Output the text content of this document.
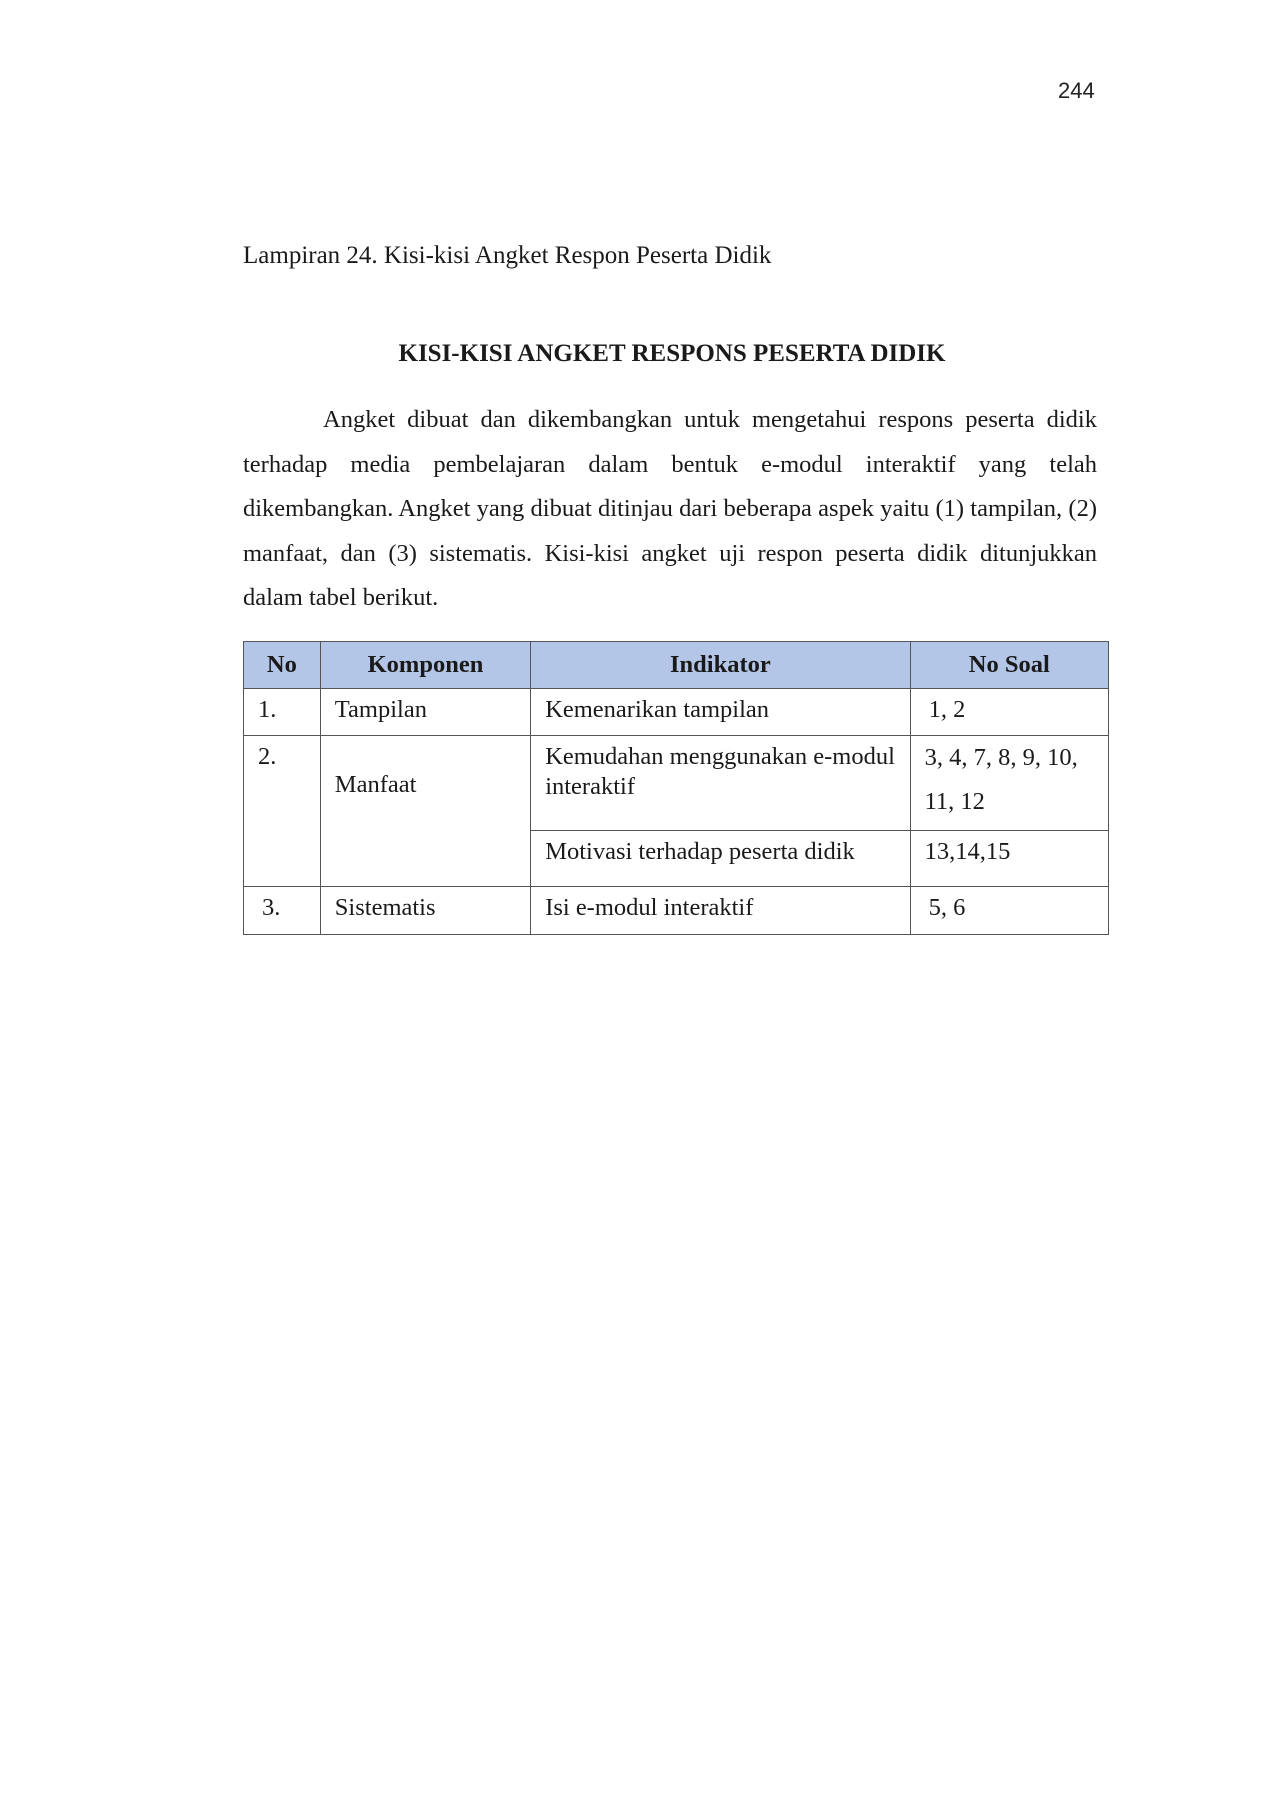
244
Lampiran 24. Kisi-kisi Angket Respon Peserta Didik
KISI-KISI ANGKET RESPONS PESERTA DIDIK

Angket dibuat dan dikembangkan untuk mengetahui respons peserta didik terhadap media pembelajaran dalam bentuk e-modul interaktif yang telah dikembangkan. Angket yang dibuat ditinjau dari beberapa aspek yaitu (1) tampilan, (2) manfaat, dan (3) sistematis. Kisi-kisi angket uji respon peserta didik ditunjukkan dalam tabel berikut.

No	Komponen	Indikator	No Soal
1.	Tampilan	Kemenarikan tampilan	1, 2
2.	Manfaat	Kemudahan menggunakan e-modul interaktif	3, 4, 7, 8, 9, 10, 11, 12
		Motivasi terhadap peserta didik	13,14,15
3.	Sistematis	Isi e-modul interaktif	5, 6
